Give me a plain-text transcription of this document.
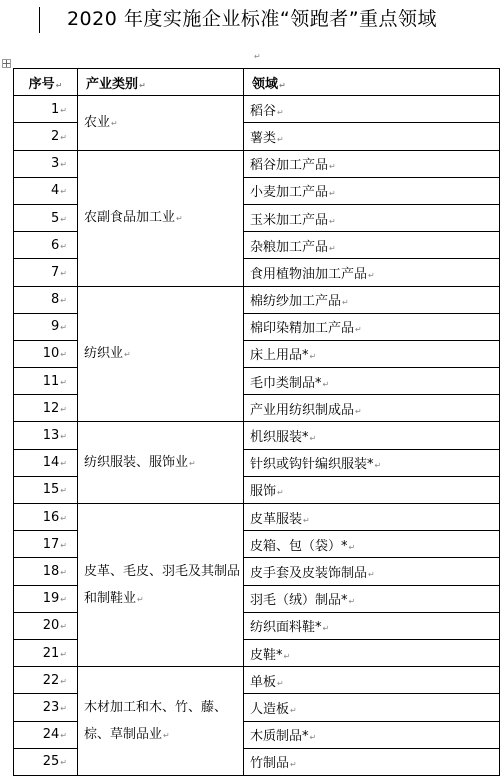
2020 年度实施企业标准“领跑者”重点领域
↵
序号↵	产业类别↵	领域↵
1↵	农业↵	稻谷↵
2↵		薯类↵
3↵	农副食品加工业↵	稻谷加工产品↵
4↵		小麦加工产品↵
5↵		玉米加工产品↵
6↵		杂粮加工产品↵
7↵		食用植物油加工产品↵
8↵	纺织业↵	棉纺纱加工产品↵
9↵		棉印染精加工产品↵
10↵		床上用品*↵
11↵		毛巾类制品*↵
12↵		产业用纺织制成品↵
13↵	纺织服装、服饰业↵	机织服装*↵
14↵		针织或钩针编织服装*↵
15↵		服饰↵
16↵	皮革、毛皮、羽毛及其制品和制鞋业↵	皮革服装↵
17↵		皮箱、包（袋）*↵
18↵		皮手套及皮装饰制品↵
19↵		羽毛（绒）制品*↵
20↵		纺织面料鞋*↵
21↵		皮鞋*↵
22↵	木材加工和木、竹、藤、棕、草制品业↵	单板↵
23↵		人造板↵
24↵		木质制品*↵
25↵		竹制品↵
